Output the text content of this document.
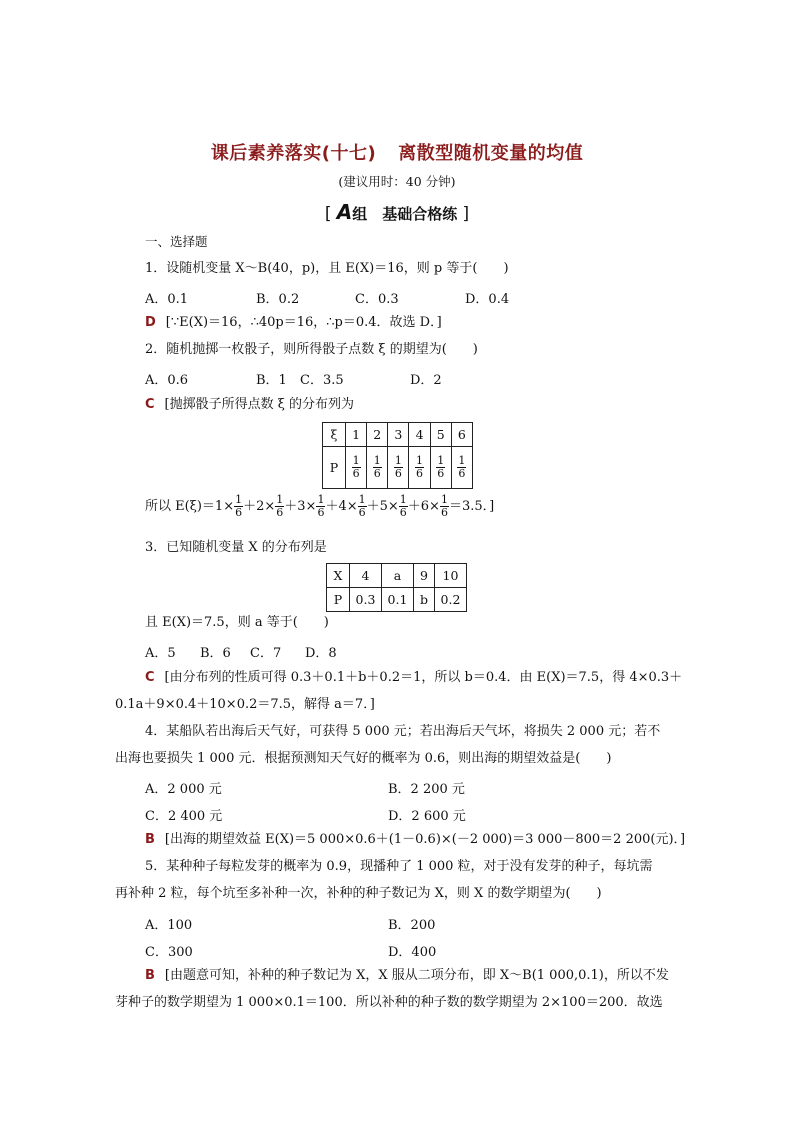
课后素养落实(十七) 离散型随机变量的均值
(建议用时：40 分钟)
[ A组　基础合格练 ]
一、选择题
1．设随机变量 X～B(40，p)，且 E(X)＝16，则 p 等于(　　)
A．0.1	B．0.2	C．0.3	D．0.4
D [∵E(X)＝16，∴40p＝16，∴p＝0.4．故选 D．]
2．随机抛掷一枚骰子，则所得骰子点数 ξ 的期望为(　　)
A．0.6	B．1 C．3.5	D．2
C [抛掷骰子所得点数 ξ 的分布列为
ξ	1	2	3	4	5	6
P	$\frac{1}{6}$	$\frac{1}{6}$	$\frac{1}{6}$	$\frac{1}{6}$	$\frac{1}{6}$	$\frac{1}{6}$
所以 $E(\xi)=1\times \frac{1}{6} +2\times \frac{1}{6} +3\times \frac{1}{6} +4\times \frac{1}{6} +5\times \frac{1}{6} +6\times \frac{1}{6} =3.5$．]
3．已知随机变量 X 的分布列是
X	4	a	9	10
P	0.3	0.1	b	0.2
且 E(X)＝7.5，则 a 等于(　　)
A．5 B．6 C．7 D．8
C [由分布列的性质可得 0.3＋0.1＋b＋0.2＝1，所以 b＝0.4．由 E(X)＝7.5，得 4×0.3＋
0.1a＋9×0.4＋10×0.2＝7.5，解得 a＝7．]
4．某船队若出海后天气好，可获得 5 000 元；若出海后天气坏，将损失 2 000 元；若不
出海也要损失 1 000 元．根据预测知天气好的概率为 0.6，则出海的期望效益是(　　)
A．2 000 元	B．2 200 元
C．2 400 元	D．2 600 元
B [出海的期望效益 E(X)＝5 000×0.6＋(1－0.6)×(－2 000)＝3 000－800＝2 200(元)．]
5．某种种子每粒发芽的概率为 0.9，现播种了 1 000 粒，对于没有发芽的种子，每坑需
再补种 2 粒，每个坑至多补种一次，补种的种子数记为 X，则 X 的数学期望为(　　)
A．100	B．200
C．300	D．400
B [由题意可知，补种的种子数记为 X，X 服从二项分布，即 X～B(1 000,0.1)，所以不发
芽种子的数学期望为 1 000×0.1＝100．所以补种的种子数的数学期望为 2×100＝200．故选
